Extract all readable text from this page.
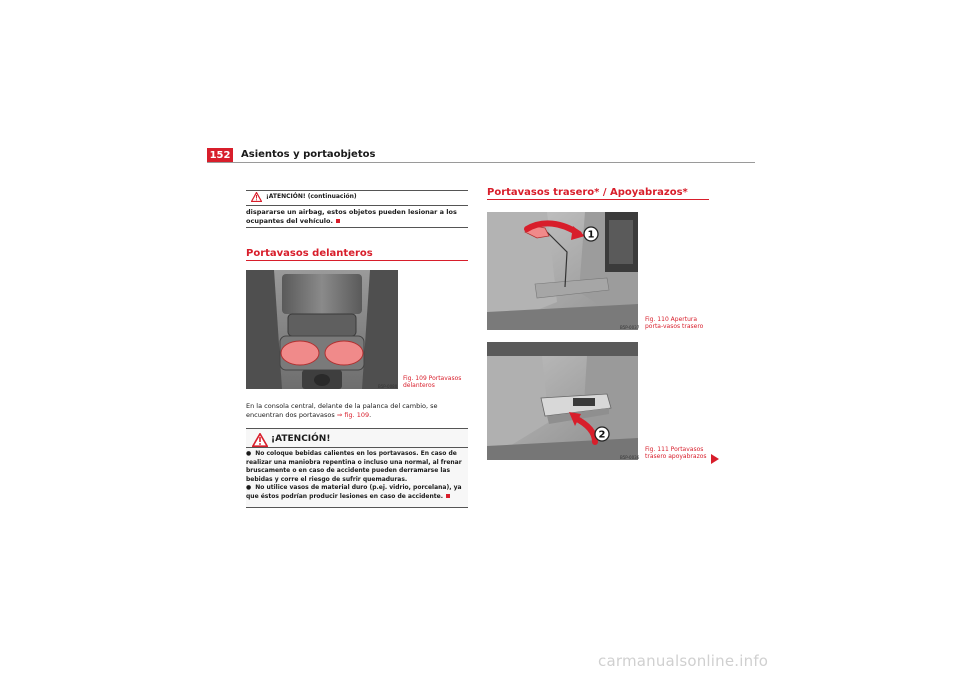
152 Asientos y portaobjetos
¡ATENCIÓN! (continuación)
dispararse un airbag, estos objetos pueden lesionar a los ocupantes del vehículo.
Portavasos delanteros
B5P-0080
Fig. 109 Portavasos delanteros
En la consola central, delante de la palanca del cambio, se encuentran dos portavasos ⇒ fig. 109.
¡ATENCIÓN!
● No coloque bebidas calientes en los portavasos. En caso de realizar una maniobra repentina o incluso una normal, al frenar bruscamente o en caso de accidente pueden derramarse las bebidas y corre el riesgo de sufrir quemaduras.
● No utilice vasos de material duro (p.ej. vidrio, porcelana), ya que éstos podrían producir lesiones en caso de accidente.
Portavasos trasero* / Apoyabrazos*
1
B5P-0037
Fig. 110 Apertura porta-vasos trasero
2
B5P-0036
Fig. 111 Portavasos trasero apoyabrazos
carmanualsonline.info
